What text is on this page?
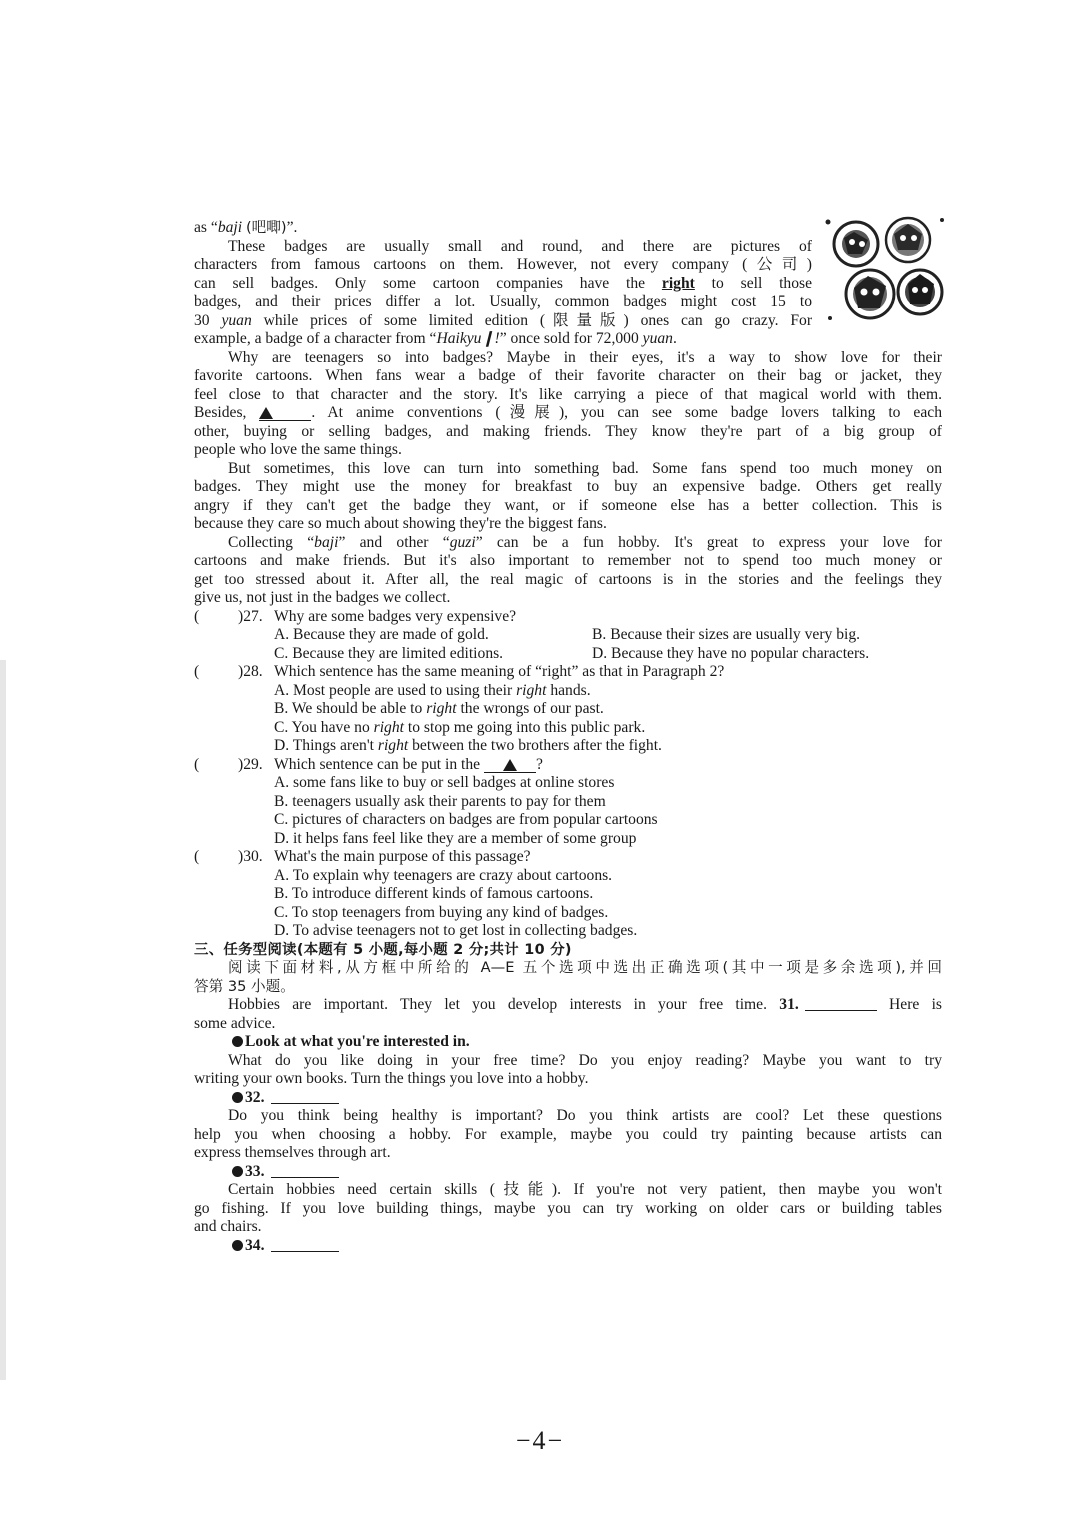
as “baji (吧唧)”.

These badges are usually small and round, and there are pictures of

characters from famous cartoons on them. However, not every company (公司)

can sell badges. Only some cartoon companies have the right to sell those

badges, and their prices differ a lot. Usually, common badges might cost 15 to

30 yuan while prices of some limited edition (限量版) ones can go crazy. For

example, a badge of a character from “Haikyu❙!” once sold for 72,000 yuan.

Why are teenagers so into badges? Maybe in their eyes, it's a way to show love for their

favorite cartoons. When fans wear a badge of their favorite character on their bag or jacket, they

feel close to that character and the story. It's like carrying a piece of that magical world with them.

Besides,	. At anime conventions (漫展), you can see some badge lovers talking to each

other, buying or selling badges, and making friends. They know they're part of a big group of

people who love the same things.

But sometimes, this love can turn into something bad. Some fans spend too much money on

badges. They might use the money for breakfast to buy an expensive badge. Others get really

angry if they can't get the badge they want, or if someone else has a better collection. This is

because they care so much about showing they're the biggest fans.

Collecting “baji” and other “guzi” can be a fun hobby. It's great to express your love for

cartoons and make friends. But it's also important to remember not to spend too much money or

get too stressed about it. After all, the real magic of cartoons is in the stories and the feelings they

give us, not just in the badges we collect.

( )27. Why are some badges very expensive?

A. Because they are made of gold.	B. Because their sizes are usually very big.
C. Because they are limited editions.	D. Because they have no popular characters.

( )28. Which sentence has the same meaning of “right” as that in Paragraph 2?

A. Most people are used to using their right hands.

B. We should be able to right the wrongs of our past.

C. You have no right to stop me going into this public park.

D. Things aren't right between the two brothers after the fight.

( )29. Which sentence can be put in the	?

A. some fans like to buy or sell badges at online stores

B. teenagers usually ask their parents to pay for them

C. pictures of characters on badges are from popular cartoons

D. it helps fans feel like they are a member of some group

( )30. What's the main purpose of this passage?

A. To explain why teenagers are crazy about cartoons.

B. To introduce different kinds of famous cartoons.

C. To stop teenagers from buying any kind of badges.

D. To advise teenagers not to get lost in collecting badges.

三、任务型阅读(本题有 5 小题,每小题 2 分;共计 10 分)

阅读下面材料,从方框中所给的 A—E 五个选项中选出正确选项(其中一项是多余选项),并回

答第 35 小题。

Hobbies are important. They let you develop interests in your free time. 31.	Here is

some advice.

Look at what you're interested in.

What do you like doing in your free time? Do you enjoy reading? Maybe you want to try

writing your own books. Turn the things you love into a hobby.

32.

Do you think being healthy is important? Do you think artists are cool? Let these questions

help you when choosing a hobby. For example, maybe you could try painting because artists can

express themselves through art.

33.

Certain hobbies need certain skills (技能). If you're not very patient, then maybe you won't

go fishing. If you love building things, maybe you can try working on older cars or building tables

and chairs.

34.

−4−
